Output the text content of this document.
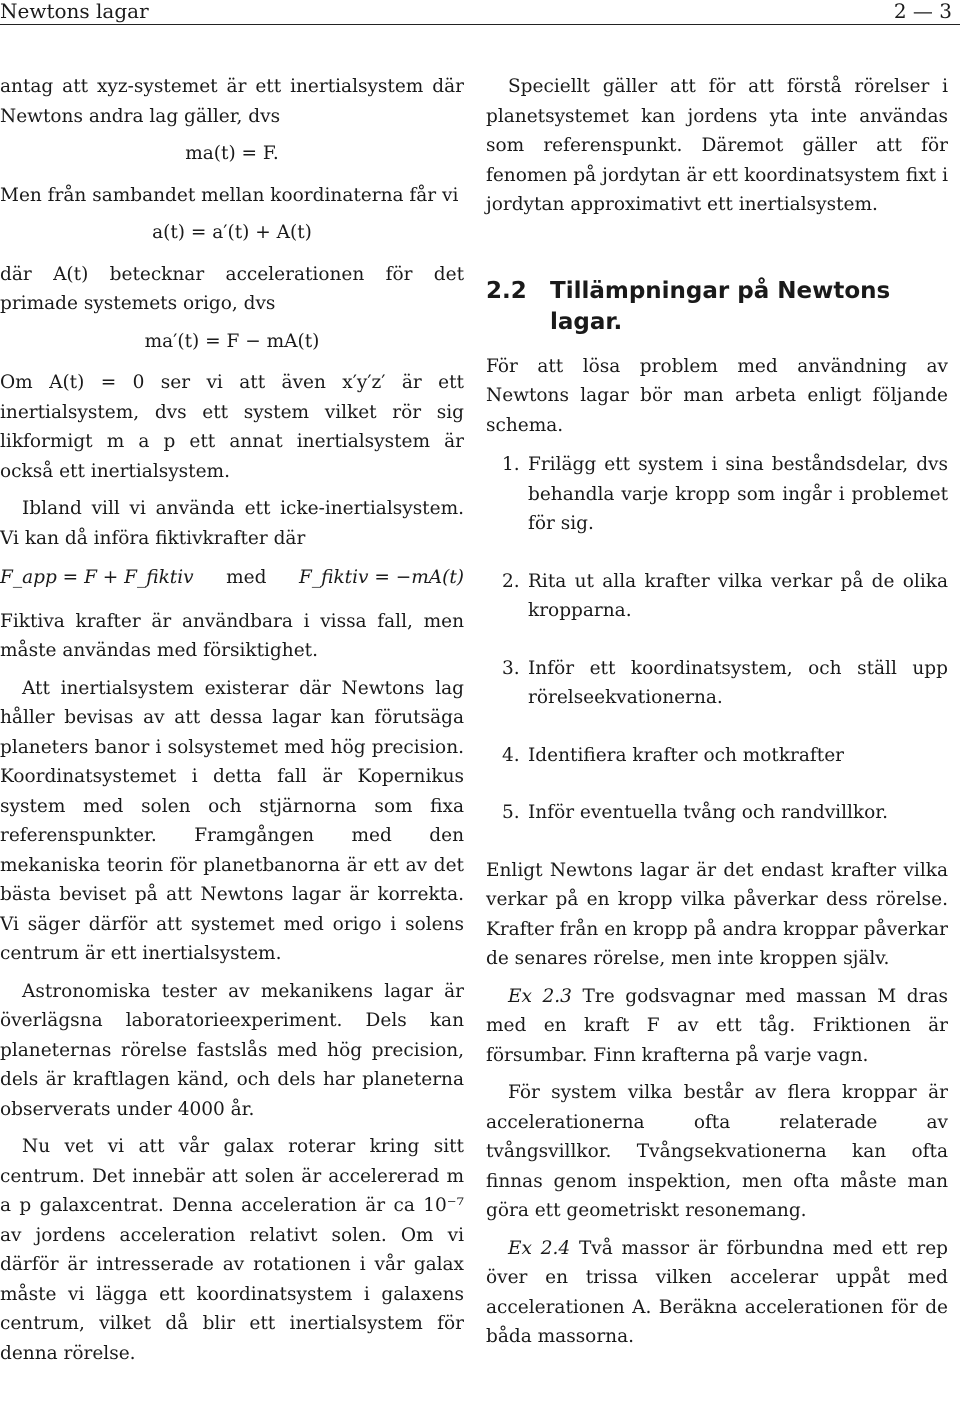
Newtons lagar	2 — 3

antag att xyz-systemet är ett inertialsystem där Newtons andra lag gäller, dvs

ma(t) = F.

Men från sambandet mellan koordinaterna får vi

a(t) = a′(t) + A(t)

där A(t) betecknar accelerationen för det primade systemets origo, dvs

ma′(t) = F − mA(t)

Om A(t) = 0 ser vi att även x′y′z′ är ett inertialsystem, dvs ett system vilket rör sig likformigt m a p ett annat inertialsystem är också ett inertialsystem.

Ibland vill vi använda ett icke-inertialsystem. Vi kan då införa fiktivkrafter där

F_app = F + F_fiktiv med F_fiktiv = −mA(t)

Fiktiva krafter är användbara i vissa fall, men måste användas med försiktighet.

Att inertialsystem existerar där Newtons lag håller bevisas av att dessa lagar kan förutsäga planeters banor i solsystemet med hög precision. Koordinatsystemet i detta fall är Kopernikus system med solen och stjärnorna som fixa referenspunkter. Framgången med den mekaniska teorin för planetbanorna är ett av det bästa beviset på att Newtons lagar är korrekta. Vi säger därför att systemet med origo i solens centrum är ett inertialsystem.

Astronomiska tester av mekanikens lagar är överlägsna laboratorieexperiment. Dels kan planeternas rörelse fastslås med hög precision, dels är kraftlagen känd, och dels har planeterna observerats under 4000 år.

Nu vet vi att vår galax roterar kring sitt centrum. Det innebär att solen är accelererad m a p galaxcentrat. Denna acceleration är ca 10⁻⁷ av jordens acceleration relativt solen. Om vi därför är intresserade av rotationen i vår galax måste vi lägga ett koordinatsystem i galaxens centrum, vilket då blir ett inertialsystem för denna rörelse.

Speciellt gäller att för att förstå rörelser i planetsystemet kan jordens yta inte användas som referenspunkt. Däremot gäller att för fenomen på jordytan är ett koordinatsystem fixt i jordytan approximativt ett inertialsystem.

2.2	Tillämpningar på Newtons lagar.

För att lösa problem med användning av Newtons lagar bör man arbeta enligt följande schema.

1. Frilägg ett system i sina beståndsdelar, dvs behandla varje kropp som ingår i problemet för sig.
2. Rita ut alla krafter vilka verkar på de olika kropparna.
3. Inför ett koordinatsystem, och ställ upp rörelseekvationerna.
4. Identifiera krafter och motkrafter
5. Inför eventuella tvång och randvillkor.

Enligt Newtons lagar är det endast krafter vilka verkar på en kropp vilka påverkar dess rörelse. Krafter från en kropp på andra kroppar påverkar de senares rörelse, men inte kroppen själv.

Ex 2.3 Tre godsvagnar med massan M dras med en kraft F av ett tåg. Friktionen är försumbar. Finn krafterna på varje vagn.

För system vilka består av flera kroppar är accelerationerna ofta relaterade av tvångsvillkor. Tvångsekvationerna kan ofta finnas genom inspektion, men ofta måste man göra ett geometriskt resonemang.

Ex 2.4 Två massor är förbundna med ett rep över en trissa vilken accelerar uppåt med accelerationen A. Beräkna accelerationen för de båda massorna.
